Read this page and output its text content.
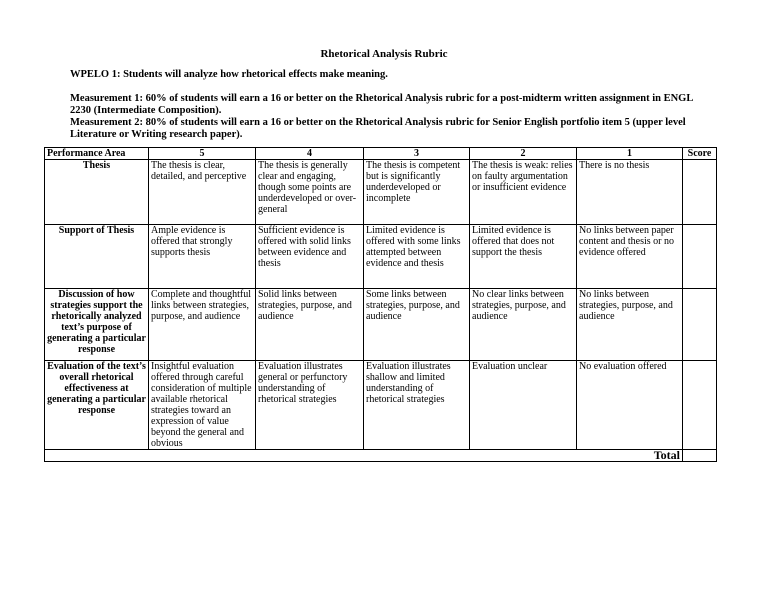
Rhetorical Analysis Rubric
WPELO 1: Students will analyze how rhetorical effects make meaning.
Measurement 1: 60% of students will earn a 16 or better on the Rhetorical Analysis rubric for a post-midterm written assignment in ENGL 2230 (Intermediate Composition).
Measurement 2: 80% of students will earn a 16 or better on the Rhetorical Analysis rubric for Senior English portfolio item 5 (upper level Literature or Writing research paper).
Performance Area	5	4	3	2	1	Score
Thesis	The thesis is clear, detailed, and perceptive	The thesis is generally clear and engaging, though some points are underdeveloped or over-general	The thesis is competent but is significantly underdeveloped or incomplete	The thesis is weak: relies on faulty argumentation or insufficient evidence	There is no thesis	
Support of Thesis	Ample evidence is offered that strongly supports thesis	Sufficient evidence is offered with solid links between evidence and thesis	Limited evidence is offered with some links attempted between evidence and thesis	Limited evidence is offered that does not support the thesis	No links between paper content and thesis or no evidence offered	
Discussion of how strategies support the rhetorically analyzed text’s purpose of generating a particular response	Complete and thoughtful links between strategies, purpose, and audience	Solid links between strategies, purpose, and audience	Some links between strategies, purpose, and audience	No clear links between strategies, purpose, and audience	No links between strategies, purpose, and audience	
Evaluation of the text’s overall rhetorical effectiveness at generating a particular response	Insightful evaluation offered through careful consideration of multiple available rhetorical strategies toward an expression of value beyond the general and obvious	Evaluation illustrates general or perfunctory understanding of rhetorical strategies	Evaluation illustrates shallow and limited understanding of rhetorical strategies	Evaluation unclear	No evaluation offered	
Total						
